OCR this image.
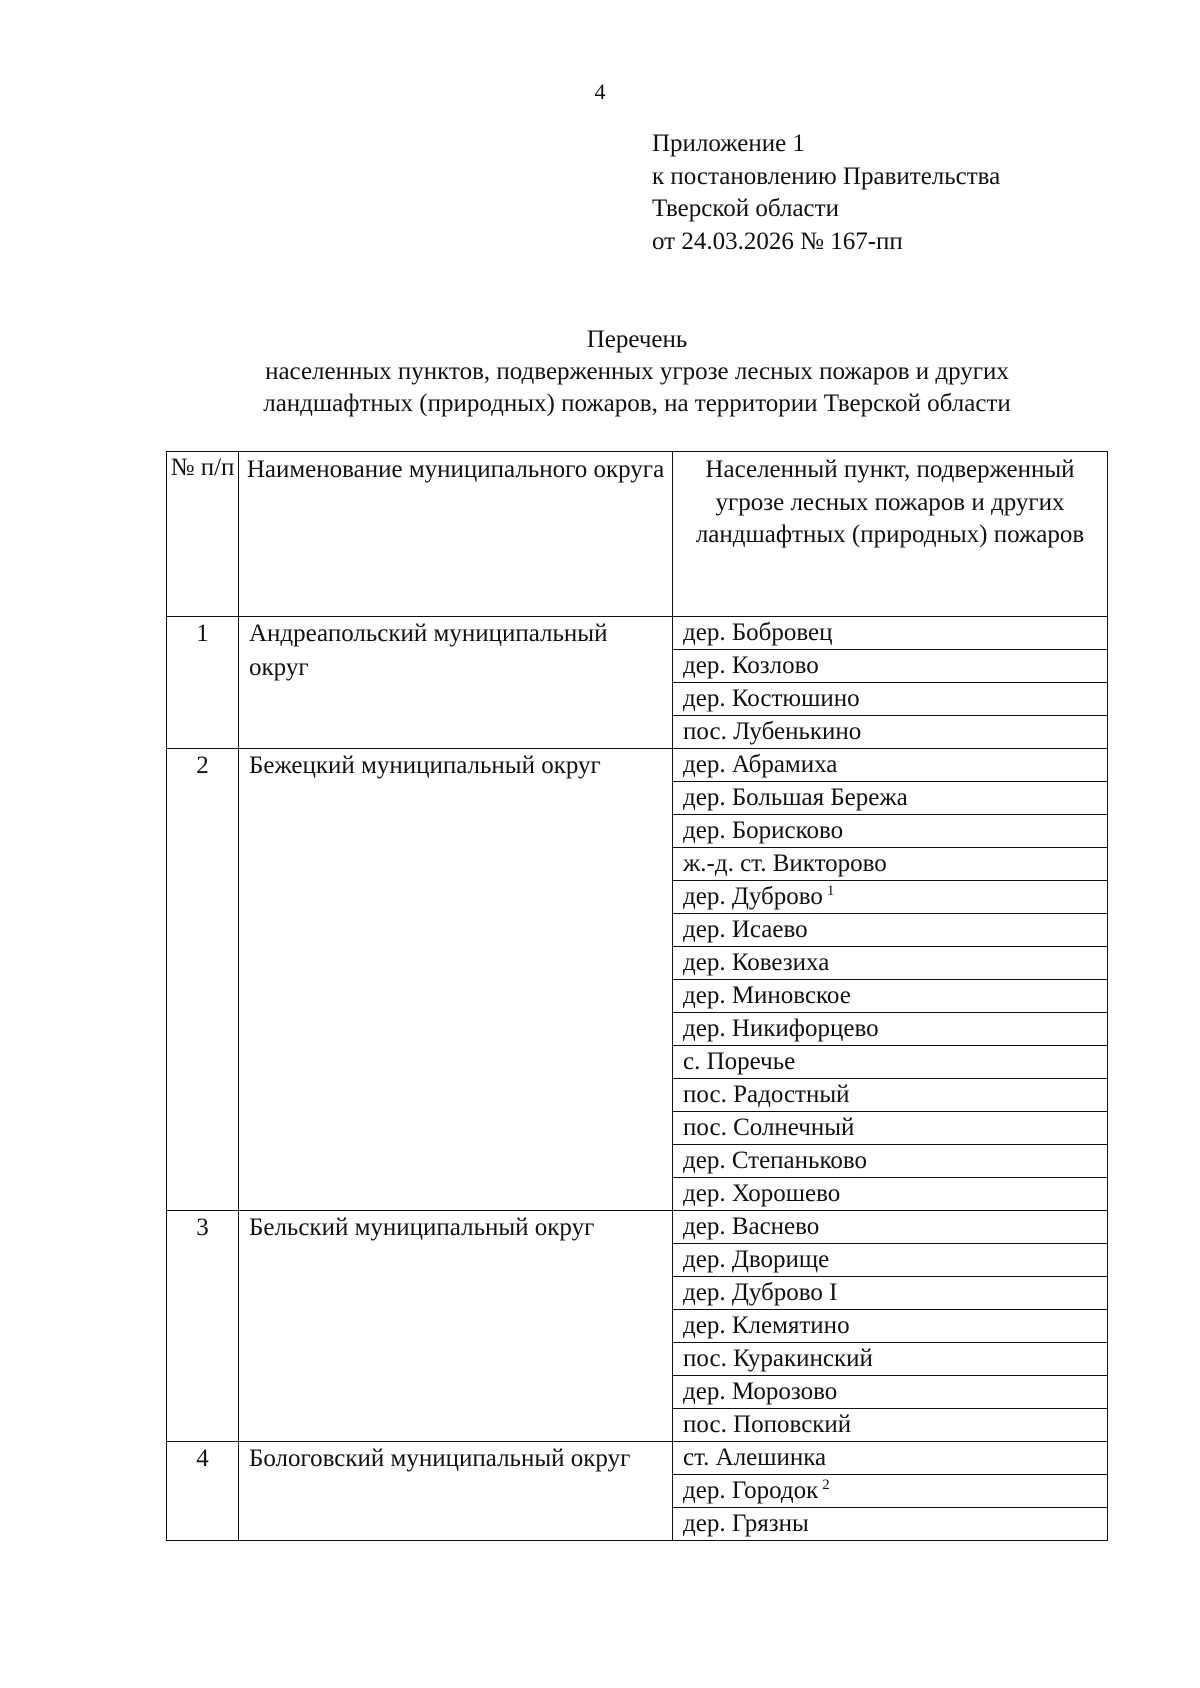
4
Приложение 1
к постановлению Правительства
Тверской области
от 24.03.2026 № 167-пп
Перечень
населенных пунктов, подверженных угрозе лесных пожаров и других
ландшафтных (природных) пожаров, на территории Тверской области
№ п/п	Наименование муниципального округа	Населенный пункт, подверженный угрозе лесных пожаров и других ландшафтных (природных) пожаров
1	Андреапольский муниципальный округ	дер. Бобровец
		дер. Козлово
		дер. Костюшино
		пос. Лубенькино
2	Бежецкий муниципальный округ	дер. Абрамиха
		дер. Большая Бережа
		дер. Борисково
		ж.-д. ст. Викторово
		дер. Дуброво $^1$
		дер. Исаево
		дер. Ковезиха
		дер. Миновское
		дер. Никифорцево
		с. Поречье
		пос. Радостный
		пос. Солнечный
		дер. Степаньково
		дер. Хорошево
3	Бельский муниципальный округ	дер. Васнево
		дер. Дворище
		дер. Дуброво I
		дер. Клемятино
		пос. Куракинский
		дер. Морозово
		пос. Поповский
4	Бологовский муниципальный округ	ст. Алешинка
		дер. Городок $^2$
		дер. Грязны
